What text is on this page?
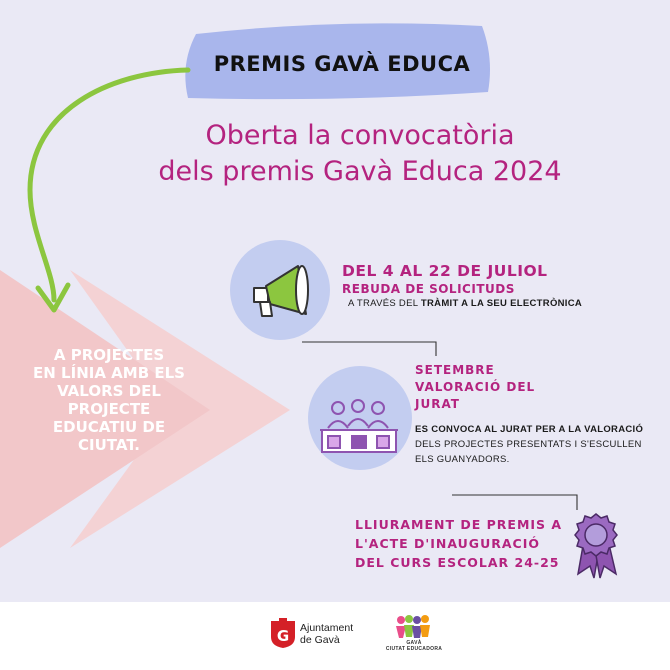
PREMIS GAVÀ EDUCA
Oberta la convocatòria
dels premis Gavà Educa 2024
A PROJECTES
EN LÍNIA AMB ELS
VALORS DEL
PROJECTE
EDUCATIU DE
CIUTAT.
DEL 4 AL 22 DE JULIOL
REBUDA DE SOLICITUDS
A TRAVÉS DEL TRÀMIT A LA SEU ELECTRÒNICA
SETEMBRE
VALORACIÓ DEL
JURAT
ES CONVOCA AL JURAT PER A LA VALORACIÓ
DELS PROJECTES PRESENTATS I S'ESCULLEN
ELS GUANYADORS.
LLIURAMENT DE PREMIS A
L'ACTE D'INAUGURACIÓ
DEL CURS ESCOLAR 24-25
G Ajuntament
de Gavà	GAVÀ
CIUTAT EDUCADORA
